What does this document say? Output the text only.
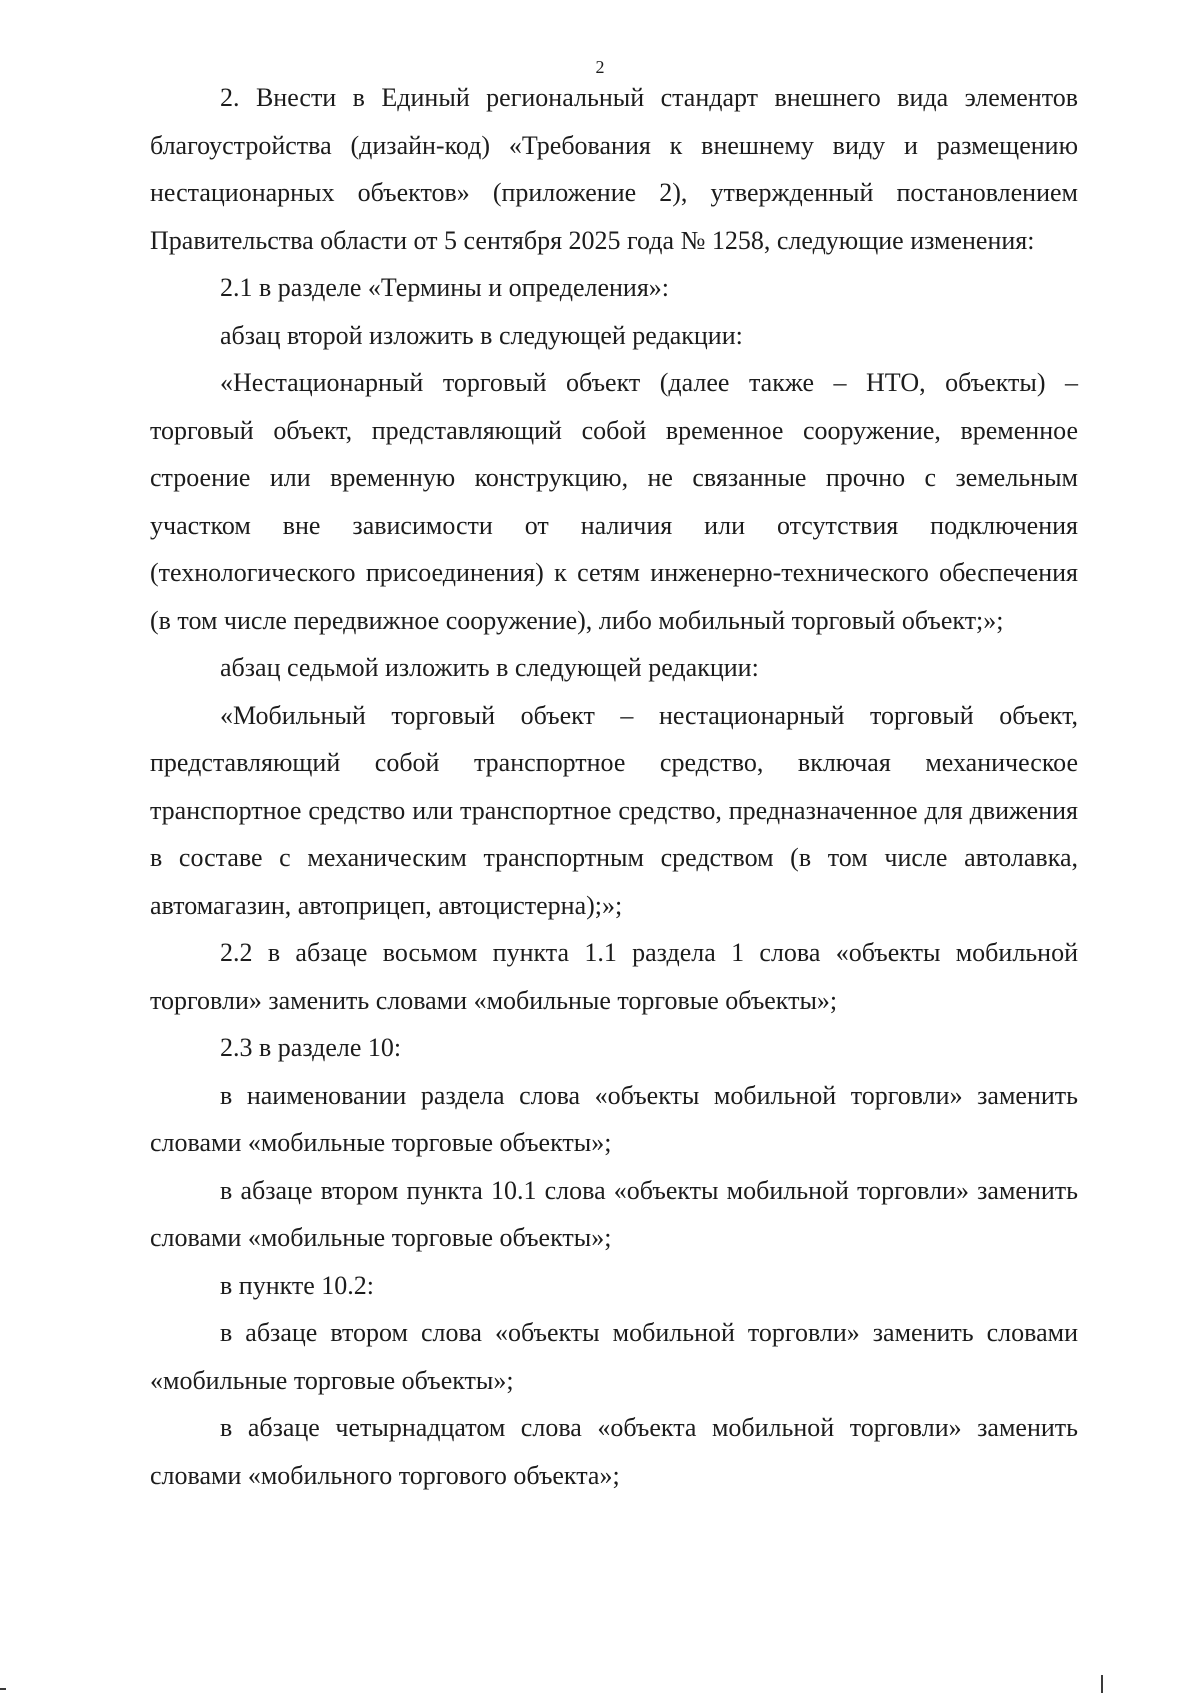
2

2. Внести в Единый региональный стандарт внешнего вида элементов благоустройства (дизайн-код) «Требования к внешнему виду и размещению нестационарных объектов» (приложение 2), утвержденный постановлением Правительства области от 5 сентября 2025 года № 1258, следующие изменения:

2.1 в разделе «Термины и определения»:

абзац второй изложить в следующей редакции:

«Нестационарный торговый объект (далее также – НТО, объекты) – торговый объект, представляющий собой временное сооружение, временное строение или временную конструкцию, не связанные прочно с земельным участком вне зависимости от наличия или отсутствия подключения (технологического присоединения) к сетям инженерно-технического обеспечения (в том числе передвижное сооружение), либо мобильный торговый объект;»;

абзац седьмой изложить в следующей редакции:

«Мобильный торговый объект – нестационарный торговый объект, представляющий собой транспортное средство, включая механическое транспортное средство или транспортное средство, предназначенное для движения в составе с механическим транспортным средством (в том числе автолавка, автомагазин, автоприцеп, автоцистерна);»;

2.2 в абзаце восьмом пункта 1.1 раздела 1 слова «объекты мобильной торговли» заменить словами «мобильные торговые объекты»;

2.3 в разделе 10:

в наименовании раздела слова «объекты мобильной торговли» заменить словами «мобильные торговые объекты»;

в абзаце втором пункта 10.1 слова «объекты мобильной торговли» заменить словами «мобильные торговые объекты»;

в пункте 10.2:

в абзаце втором слова «объекты мобильной торговли» заменить словами «мобильные торговые объекты»;

в абзаце четырнадцатом слова «объекта мобильной торговли» заменить словами «мобильного торгового объекта»;
